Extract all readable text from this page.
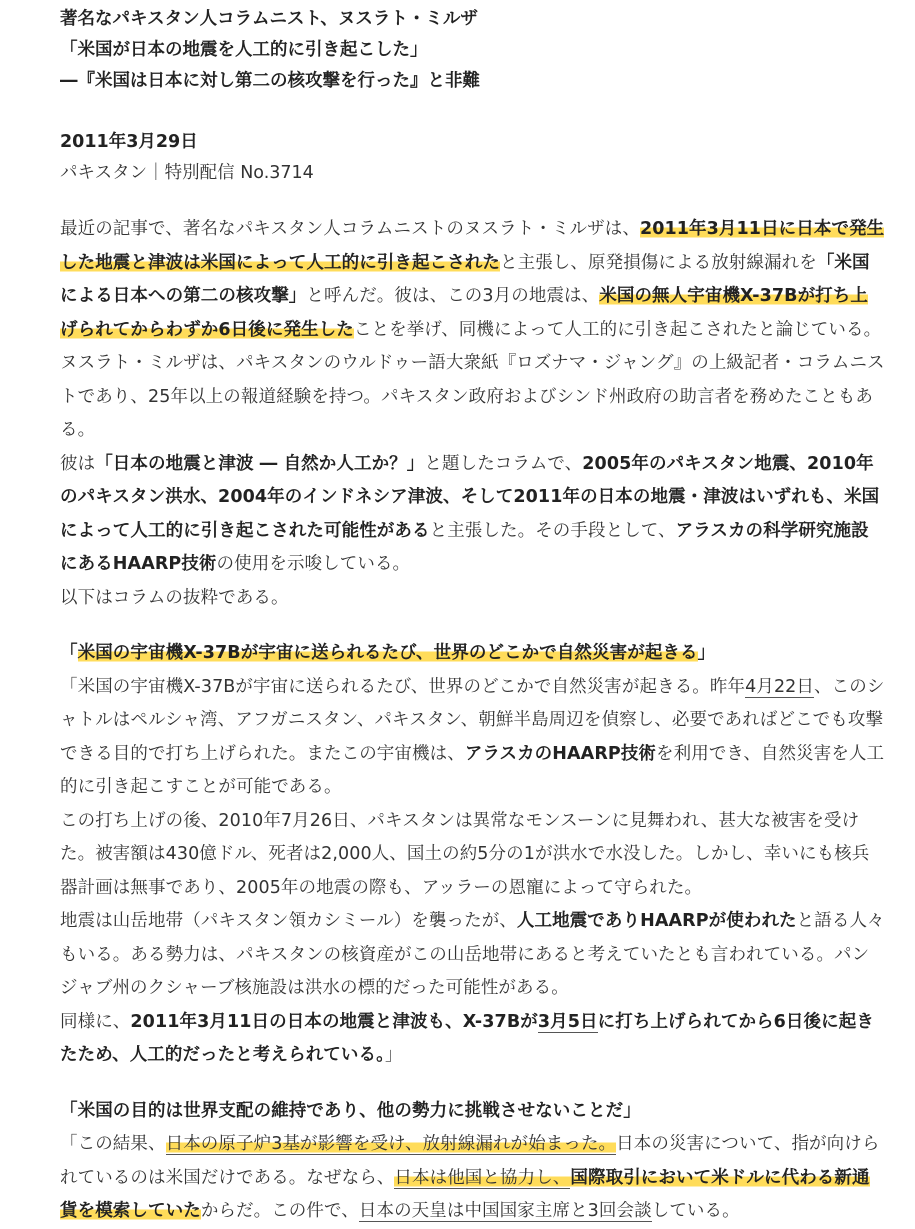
著名なパキスタン人コラムニスト、ヌスラト・ミルザ
「米国が日本の地震を人工的に引き起こした」
―『米国は日本に対し第二の核攻撃を行った』と非難
2011年3月29日
パキスタン｜特別配信 No.3714

最近の記事で、著名なパキスタン人コラムニストのヌスラト・ミルザは、2011年3月11日に日本で発生した地震と津波は米国によって人工的に引き起こされたと主張し、原発損傷による放射線漏れを「米国による日本への第二の核攻撃」と呼んだ。彼は、この3月の地震は、米国の無人宇宙機X-37Bが打ち上げられてからわずか6日後に発生したことを挙げ、同機によって人工的に引き起こされたと論じている。

ヌスラト・ミルザは、パキスタンのウルドゥー語大衆紙『ロズナマ・ジャング』の上級記者・コラムニストであり、25年以上の報道経験を持つ。パキスタン政府およびシンド州政府の助言者を務めたこともある。

彼は「日本の地震と津波 ― 自然か人工か？」と題したコラムで、2005年のパキスタン地震、2010年のパキスタン洪水、2004年のインドネシア津波、そして2011年の日本の地震・津波はいずれも、米国によって人工的に引き起こされた可能性があると主張した。その手段として、アラスカの科学研究施設にあるHAARP技術の使用を示唆している。

以下はコラムの抜粋である。

「米国の宇宙機X-37Bが宇宙に送られるたび、世界のどこかで自然災害が起きる」

「米国の宇宙機X-37Bが宇宙に送られるたび、世界のどこかで自然災害が起きる。昨年4月22日、このシャトルはペルシャ湾、アフガニスタン、パキスタン、朝鮮半島周辺を偵察し、必要であればどこでも攻撃できる目的で打ち上げられた。またこの宇宙機は、アラスカのHAARP技術を利用でき、自然災害を人工的に引き起こすことが可能である。

この打ち上げの後、2010年7月26日、パキスタンは異常なモンスーンに見舞われ、甚大な被害を受けた。被害額は430億ドル、死者は2,000人、国土の約5分の1が洪水で水没した。しかし、幸いにも核兵器計画は無事であり、2005年の地震の際も、アッラーの恩寵によって守られた。

地震は山岳地帯（パキスタン領カシミール）を襲ったが、人工地震でありHAARPが使われたと語る人々もいる。ある勢力は、パキスタンの核資産がこの山岳地帯にあると考えていたとも言われている。パンジャブ州のクシャーブ核施設は洪水の標的だった可能性がある。

同様に、2011年3月11日の日本の地震と津波も、X-37Bが3月5日に打ち上げられてから6日後に起きたため、人工的だったと考えられている。」

「米国の目的は世界支配の維持であり、他の勢力に挑戦させないことだ」

「この結果、日本の原子炉3基が影響を受け、放射線漏れが始まった。日本の災害について、指が向けられているのは米国だけである。なぜなら、日本は他国と協力し、国際取引において米ドルに代わる新通貨を模索していたからだ。この件で、日本の天皇は中国国家主席と3回会談している。
